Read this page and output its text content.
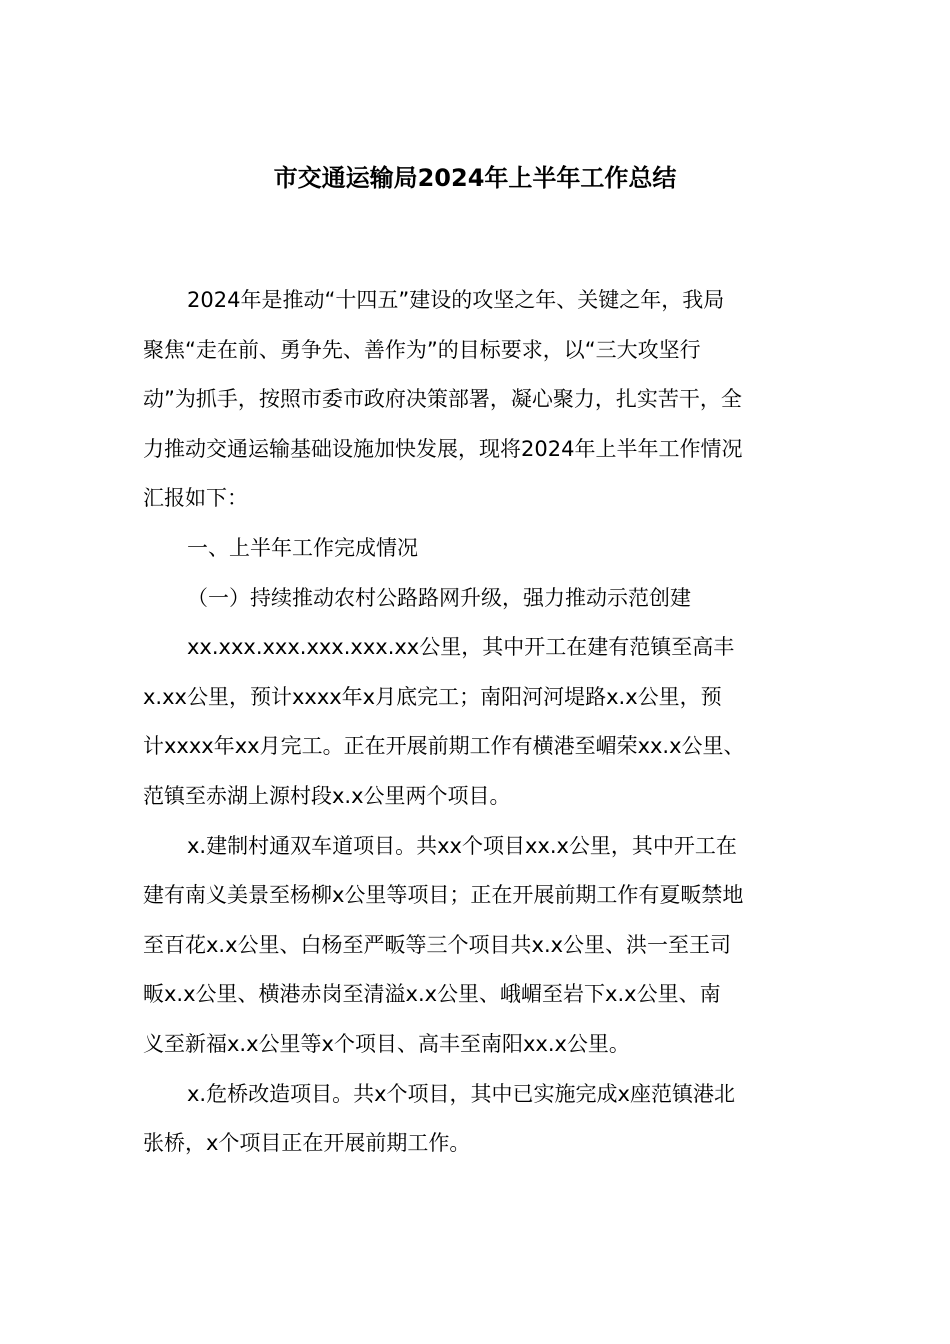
市交通运输局2024年上半年工作总结
2024年是推动“十四五”建设的攻坚之年、关键之年，我局
聚焦“走在前、勇争先、善作为”的目标要求，以“三大攻坚行
动”为抓手，按照市委市政府决策部署，凝心聚力，扎实苦干，全
力推动交通运输基础设施加快发展，现将2024年上半年工作情况
汇报如下：
一、上半年工作完成情况
（一）持续推动农村公路路网升级，强力推动示范创建
xx.xxx.xxx.xxx.xxx.xx公里，其中开工在建有范镇至高丰
x.xx公里，预计xxxx年x月底完工；南阳河河堤路x.x公里，预
计xxxx年xx月完工。正在开展前期工作有横港至嵋荣xx.x公里、
范镇至赤湖上源村段x.x公里两个项目。
x.建制村通双车道项目。共xx个项目xx.x公里，其中开工在
建有南义美景至杨柳x公里等项目；正在开展前期工作有夏畈禁地
至百花x.x公里、白杨至严畈等三个项目共x.x公里、洪一至王司
畈x.x公里、横港赤岗至清溢x.x公里、峨嵋至岩下x.x公里、南
义至新福x.x公里等x个项目、高丰至南阳xx.x公里。
x.危桥改造项目。共x个项目，其中已实施完成x座范镇港北
张桥，x个项目正在开展前期工作。
